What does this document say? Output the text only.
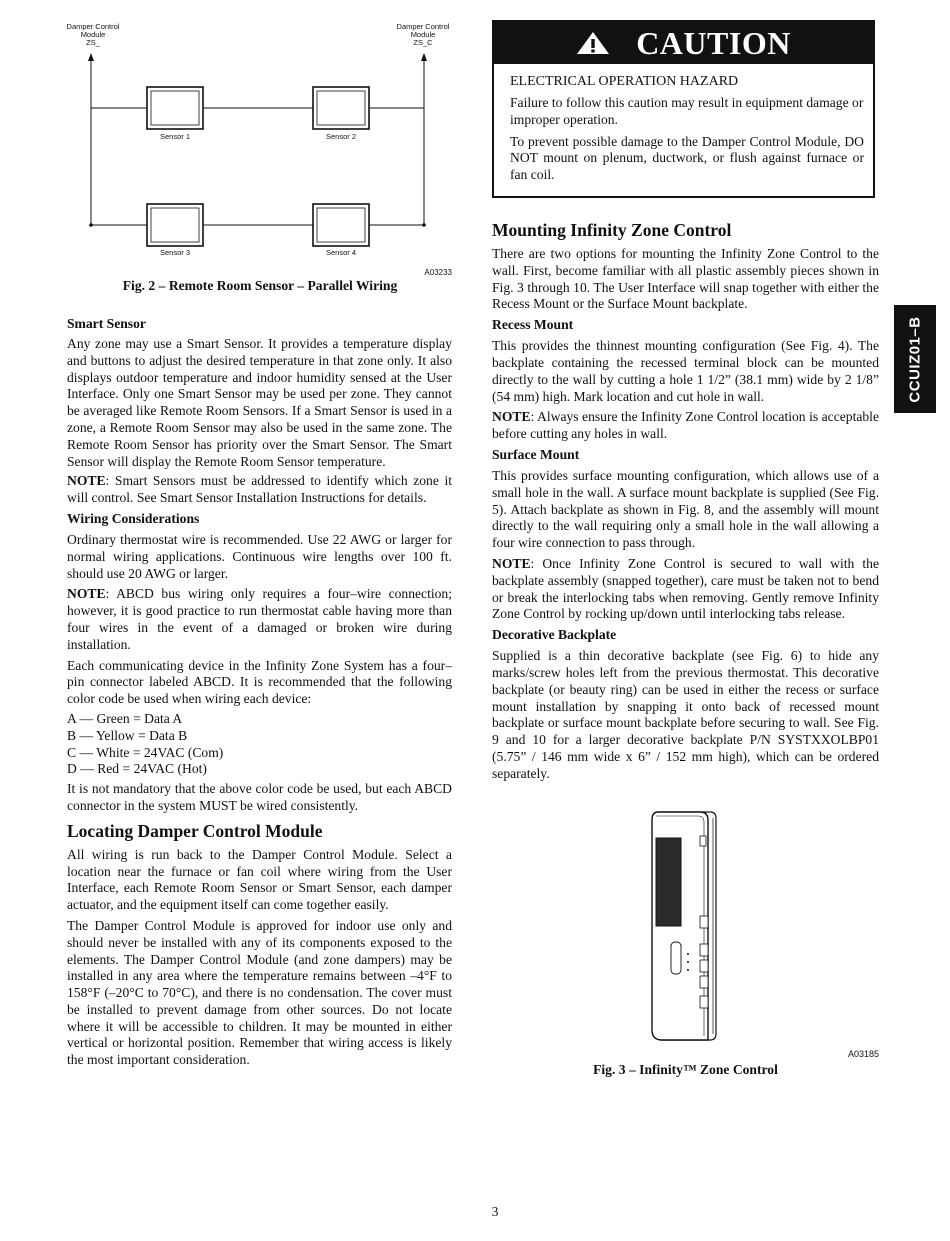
Damper Control
Module
ZS_
Damper Control
Module
ZS_C
Sensor 1	Sensor 2
Sensor 3	Sensor 4
A03233
Fig. 2 – Remote Room Sensor – Parallel Wiring
Smart Sensor

Any zone may use a Smart Sensor. It provides a temperature display and buttons to adjust the desired temperature in that zone only. It also displays outdoor temperature and indoor humidity sensed at the User Interface. Only one Smart Sensor may be used per zone. They cannot be averaged like Remote Room Sensors. If a Smart Sensor is used in a zone, a Remote Room Sensor may also be used in the same zone. The Remote Room Sensor has priority over the Smart Sensor. The Smart Sensor will display the Remote Room Sensor temperature.

NOTE: Smart Sensors must be addressed to identify which zone it will control. See Smart Sensor Installation Instructions for details.

Wiring Considerations

Ordinary thermostat wire is recommended. Use 22 AWG or larger for normal wiring applications. Continuous wire lengths over 100 ft. should use 20 AWG or larger.

NOTE: ABCD bus wiring only requires a four–wire connection; however, it is good practice to run thermostat cable having more than four wires in the event of a damaged or broken wire during installation.

Each communicating device in the Infinity Zone System has a four–pin connector labeled ABCD. It is recommended that the following color code be used when wiring each device:

A — Green = Data A
B — Yellow = Data B
C — White = 24VAC (Com)
D — Red = 24VAC (Hot)

It is not mandatory that the above color code be used, but each ABCD connector in the system MUST be wired consistently.

Locating Damper Control Module

All wiring is run back to the Damper Control Module. Select a location near the furnace or fan coil where wiring from the User Interface, each Remote Room Sensor or Smart Sensor, each damper actuator, and the equipment itself can come together easily.

The Damper Control Module is approved for indoor use only and should never be installed with any of its components exposed to the elements. The Damper Control Module (and zone dampers) may be installed in any area where the temperature remains between –4°F to 158°F (–20°C to 70°C), and there is no condensation. The cover must be installed to prevent damage from other sources. Do not locate where it will be accessible to children. It may be mounted in either vertical or horizontal position. Remember that wiring access is likely the most important consideration.

CAUTION
ELECTRICAL OPERATION HAZARD

Failure to follow this caution may result in equipment damage or improper operation.

To prevent possible damage to the Damper Control Module, DO NOT mount on plenum, ductwork, or flush against furnace or fan coil.

Mounting Infinity Zone Control

There are two options for mounting the Infinity Zone Control to the wall. First, become familiar with all plastic assembly pieces shown in Fig. 3 through 10. The User Interface will snap together with either the Recess Mount or the Surface Mount backplate.

Recess Mount

This provides the thinnest mounting configuration (See Fig. 4). The backplate containing the recessed terminal block can be mounted directly to the wall by cutting a hole 1 1/2” (38.1 mm) wide by 2 1/8” (54 mm) high. Mark location and cut hole in wall.

NOTE: Always ensure the Infinity Zone Control location is acceptable before cutting any holes in wall.

Surface Mount

This provides surface mounting configuration, which allows use of a small hole in the wall. A surface mount backplate is supplied (See Fig. 5). Attach backplate as shown in Fig. 8, and the assembly will mount directly to the wall requiring only a small hole in the wall allowing a four wire connection to pass through.

NOTE: Once Infinity Zone Control is secured to wall with the backplate assembly (snapped together), care must be taken not to bend or break the interlocking tabs when removing. Gently remove Infinity Zone Control by rocking up/down until interlocking tabs release.

Decorative Backplate

Supplied is a thin decorative backplate (see Fig. 6) to hide any marks/screw holes left from the previous thermostat. This decorative backplate (or beauty ring) can be used in either the recess or surface mount installation by snapping it onto back of recessed mount backplate or surface mount backplate before securing to wall. See Fig. 9 and 10 for a larger decorative backplate P/N SYSTXXOLBP01 (5.75” / 146 mm wide x 6” / 152 mm high), which can be ordered separately.

A03185
Fig. 3 – Infinity™ Zone Control
CCUIZ01–B
3
